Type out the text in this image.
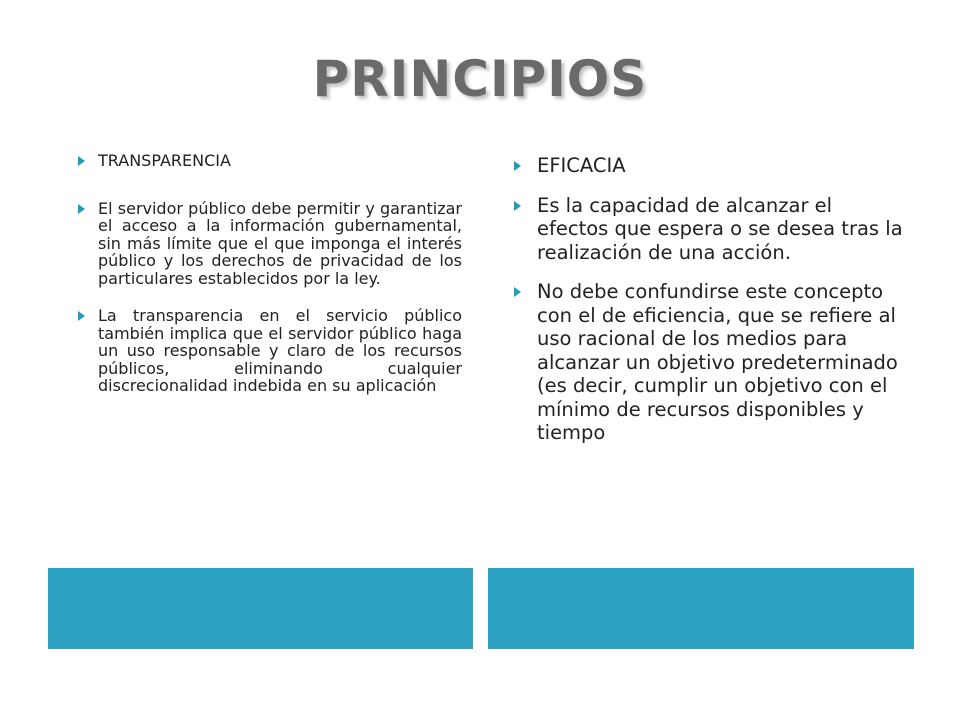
PRINCIPIOS
TRANSPARENCIA
El servidor público debe permitir y garantizar el acceso a la información gubernamental, sin más límite que el que imponga el interés público y los derechos de privacidad de los particulares establecidos por la ley.
La transparencia en el servicio público también implica que el servidor público haga un uso responsable y claro de los recursos públicos, eliminando cualquier discrecionalidad indebida en su aplicación
EFICACIA
Es la capacidad de alcanzar el efectos que espera o se desea tras la realización de una acción.
No debe confundirse este concepto con el de eficiencia, que se refiere al uso racional de los medios para alcanzar un objetivo predeterminado (es decir, cumplir un objetivo con el mínimo de recursos disponibles y tiempo
